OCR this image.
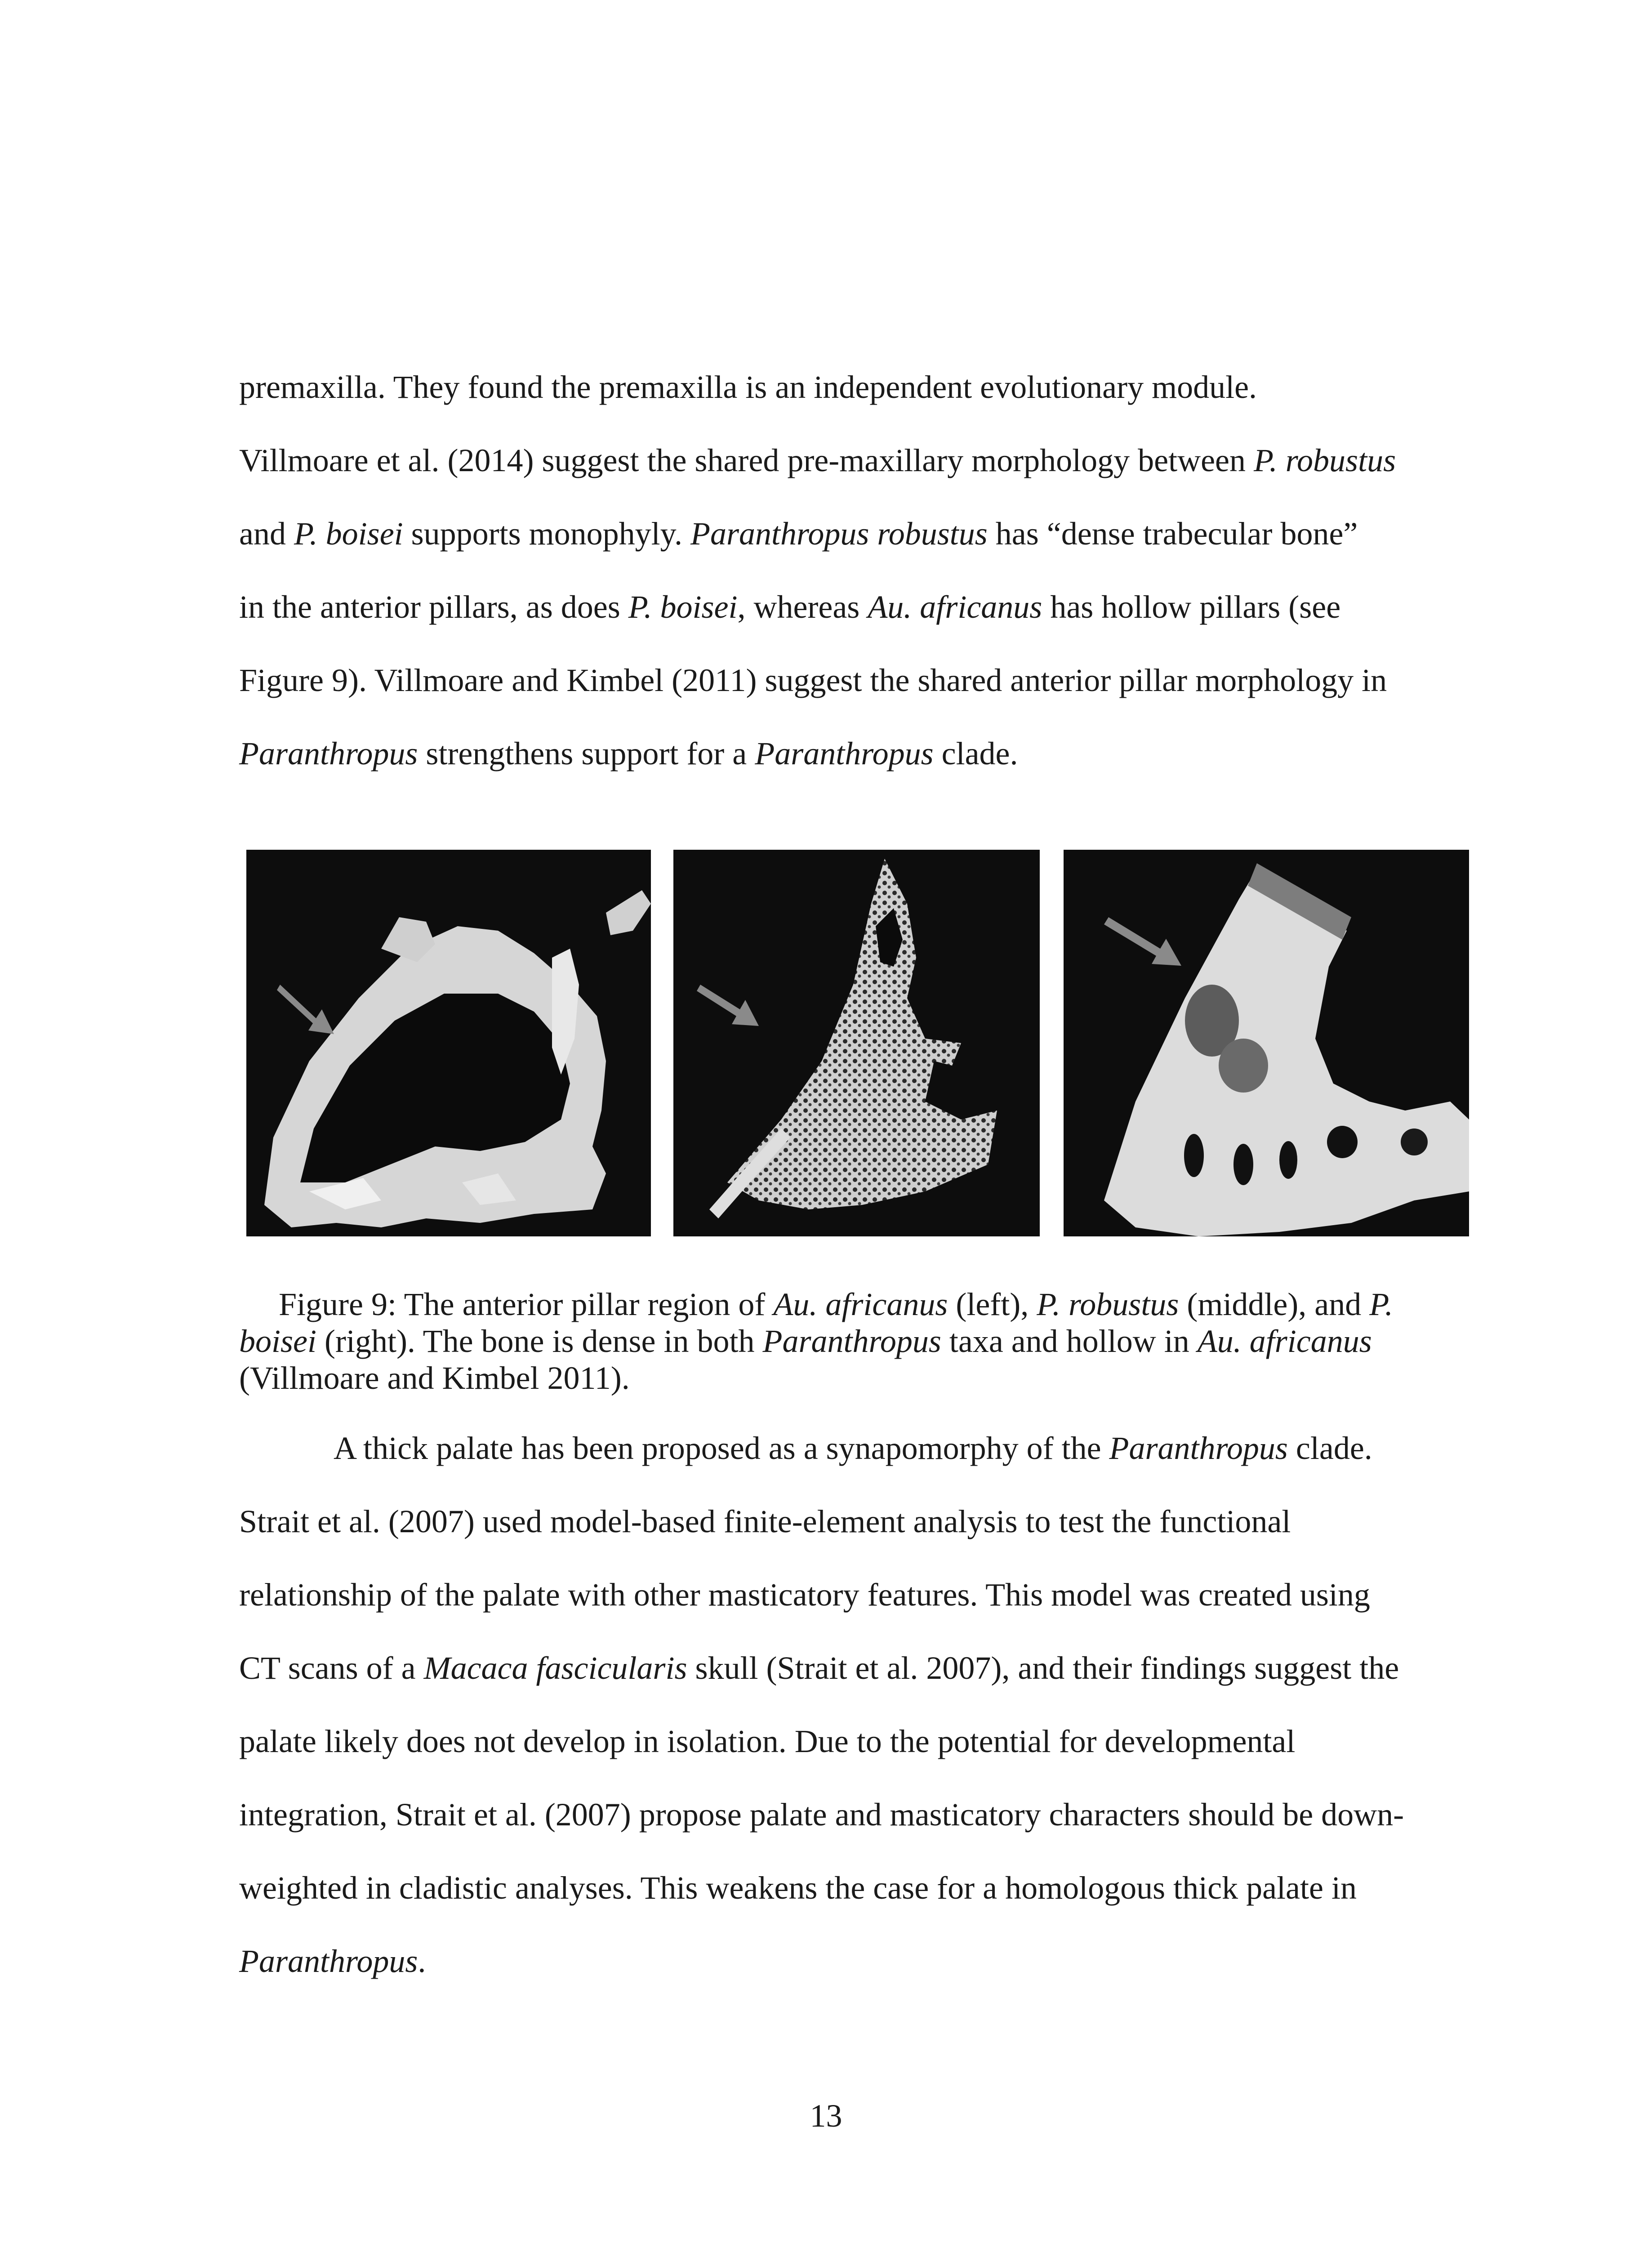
premaxilla. They found the premaxilla is an independent evolutionary module.
Villmoare et al. (2014) suggest the shared pre-maxillary morphology between P. robustus
and P. boisei supports monophyly. Paranthropus robustus has “dense trabecular bone”
in the anterior pillars, as does P. boisei, whereas Au. africanus has hollow pillars (see
Figure 9). Villmoare and Kimbel (2011) suggest the shared anterior pillar morphology in
Paranthropus strengthens support for a Paranthropus clade.
Figure 9: The anterior pillar region of Au. africanus (left), P. robustus (middle), and P.
boisei (right). The bone is dense in both Paranthropus taxa and hollow in Au. africanus
(Villmoare and Kimbel 2011).
A thick palate has been proposed as a synapomorphy of the Paranthropus clade.
Strait et al. (2007) used model-based finite-element analysis to test the functional
relationship of the palate with other masticatory features. This model was created using
CT scans of a Macaca fascicularis skull (Strait et al. 2007), and their findings suggest the
palate likely does not develop in isolation. Due to the potential for developmental
integration, Strait et al. (2007) propose palate and masticatory characters should be down-
weighted in cladistic analyses. This weakens the case for a homologous thick palate in
Paranthropus.
13
